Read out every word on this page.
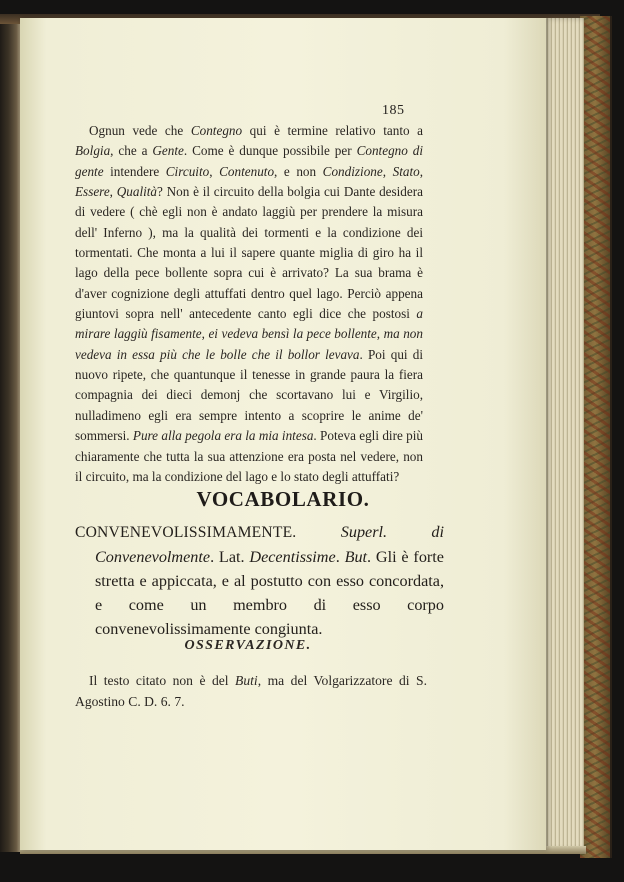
185

Ognun vede che Contegno qui è termine relativo tanto a Bolgia, che a Gente. Come è dunque possibile per Contegno di gente intendere Circuito, Contenuto, e non Condizione, Stato, Essere, Qualità? Non è il circuito della bolgia cui Dante desidera di vedere ( chè egli non è andato laggiù per prendere la misura dell' Inferno ), ma la qualità dei tormenti e la condizione dei tormentati. Che monta a lui il sapere quante miglia di giro ha il lago della pece bollente sopra cui è arrivato? La sua brama è d'aver cognizione degli attuffati dentro quel lago. Perciò appena giuntovi sopra nell' antecedente canto egli dice che postosi a mirare laggiù fisamente, ei vedeva bensì la pece bollente, ma non vedeva in essa più che le bolle che il bollor levava. Poi qui di nuovo ripete, che quantunque il tenesse in grande paura la fiera compagnia dei dieci demonj che scortavano lui e Virgilio, nulladimeno egli era sempre intento a scoprire le anime de' sommersi. Pure alla pegola era la mia intesa. Poteva egli dire più chiaramente che tutta la sua attenzione era posta nel vedere, non il circuito, ma la condizione del lago e lo stato degli attuffati?

VOCABOLARIO.

CONVENEVOLISSIMAMENTE.	Superl. di Convenevolmente. Lat. Decentissime. But. Gli è forte stretta e appiccata, e al postutto con esso concordata, e come un membro di esso corpo convenevolissimamente congiunta.

OSSERVAZIONE.

Il testo citato non è del Buti, ma del Volgarizzatore di S. Agostino C. D. 6. 7.
